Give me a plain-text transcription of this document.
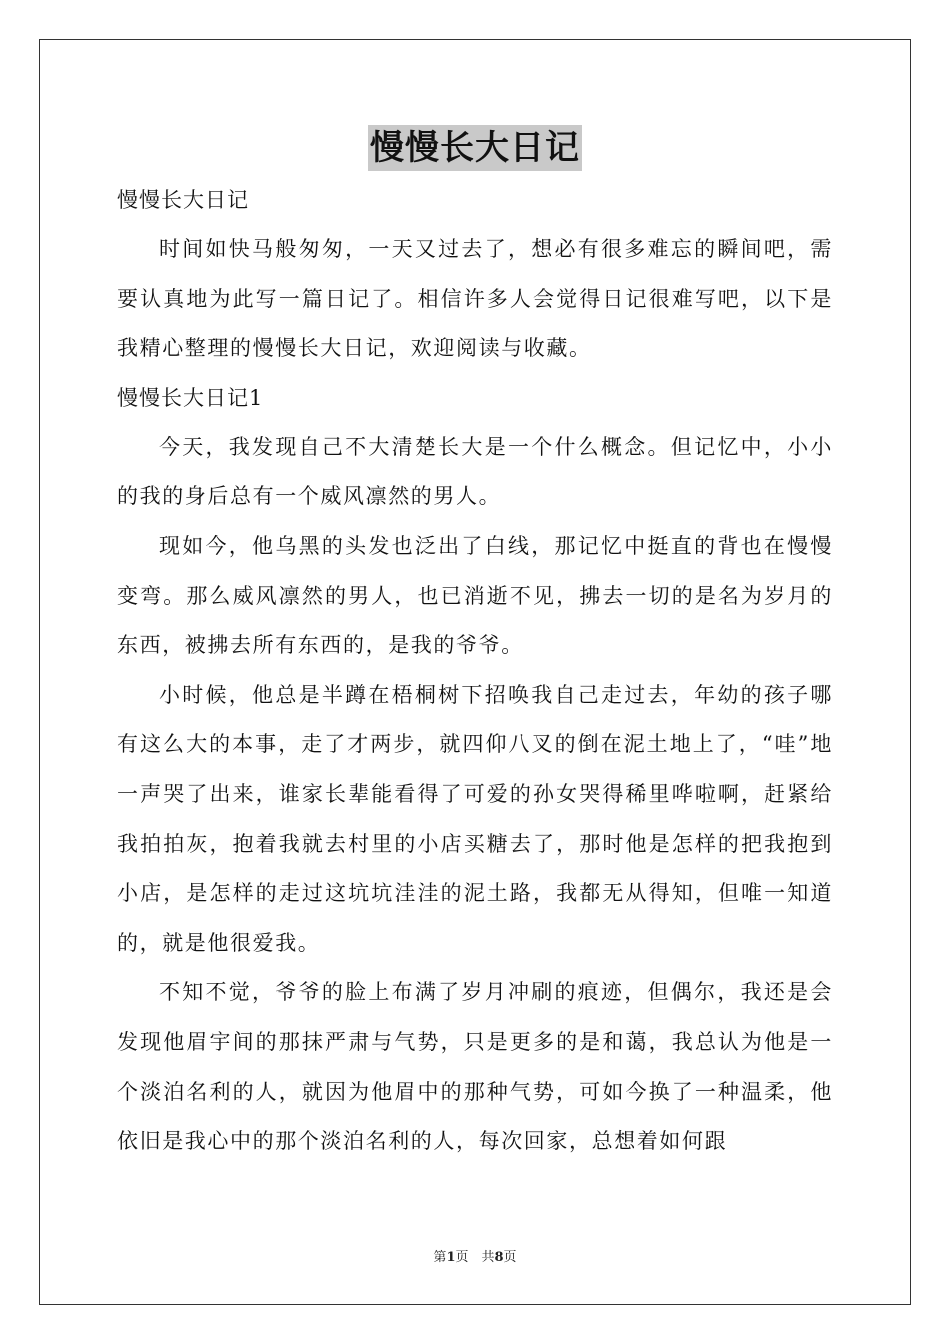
慢慢长大日记

慢慢长大日记

时间如快马般匆匆，一天又过去了，想必有很多难忘的瞬间吧，需要认真地为此写一篇日记了。相信许多人会觉得日记很难写吧，以下是我精心整理的慢慢长大日记，欢迎阅读与收藏。

慢慢长大日记1

今天，我发现自己不大清楚长大是一个什么概念。但记忆中，小小的我的身后总有一个威风凛然的男人。

现如今，他乌黑的头发也泛出了白线，那记忆中挺直的背也在慢慢变弯。那么威风凛然的男人，也已消逝不见，拂去一切的是名为岁月的东西，被拂去所有东西的，是我的爷爷。

小时候，他总是半蹲在梧桐树下招唤我自己走过去，年幼的孩子哪有这么大的本事，走了才两步，就四仰八叉的倒在泥土地上了，“哇”地一声哭了出来，谁家长辈能看得了可爱的孙女哭得稀里哗啦啊，赶紧给我拍拍灰，抱着我就去村里的小店买糖去了，那时他是怎样的把我抱到小店，是怎样的走过这坑坑洼洼的泥土路，我都无从得知，但唯一知道的，就是他很爱我。

不知不觉，爷爷的脸上布满了岁月冲刷的痕迹，但偶尔，我还是会发现他眉宇间的那抹严肃与气势，只是更多的是和蔼，我总认为他是一个淡泊名利的人，就因为他眉中的那种气势，可如今换了一种温柔，他依旧是我心中的那个淡泊名利的人，每次回家，总想着如何跟

第1页　共8页
